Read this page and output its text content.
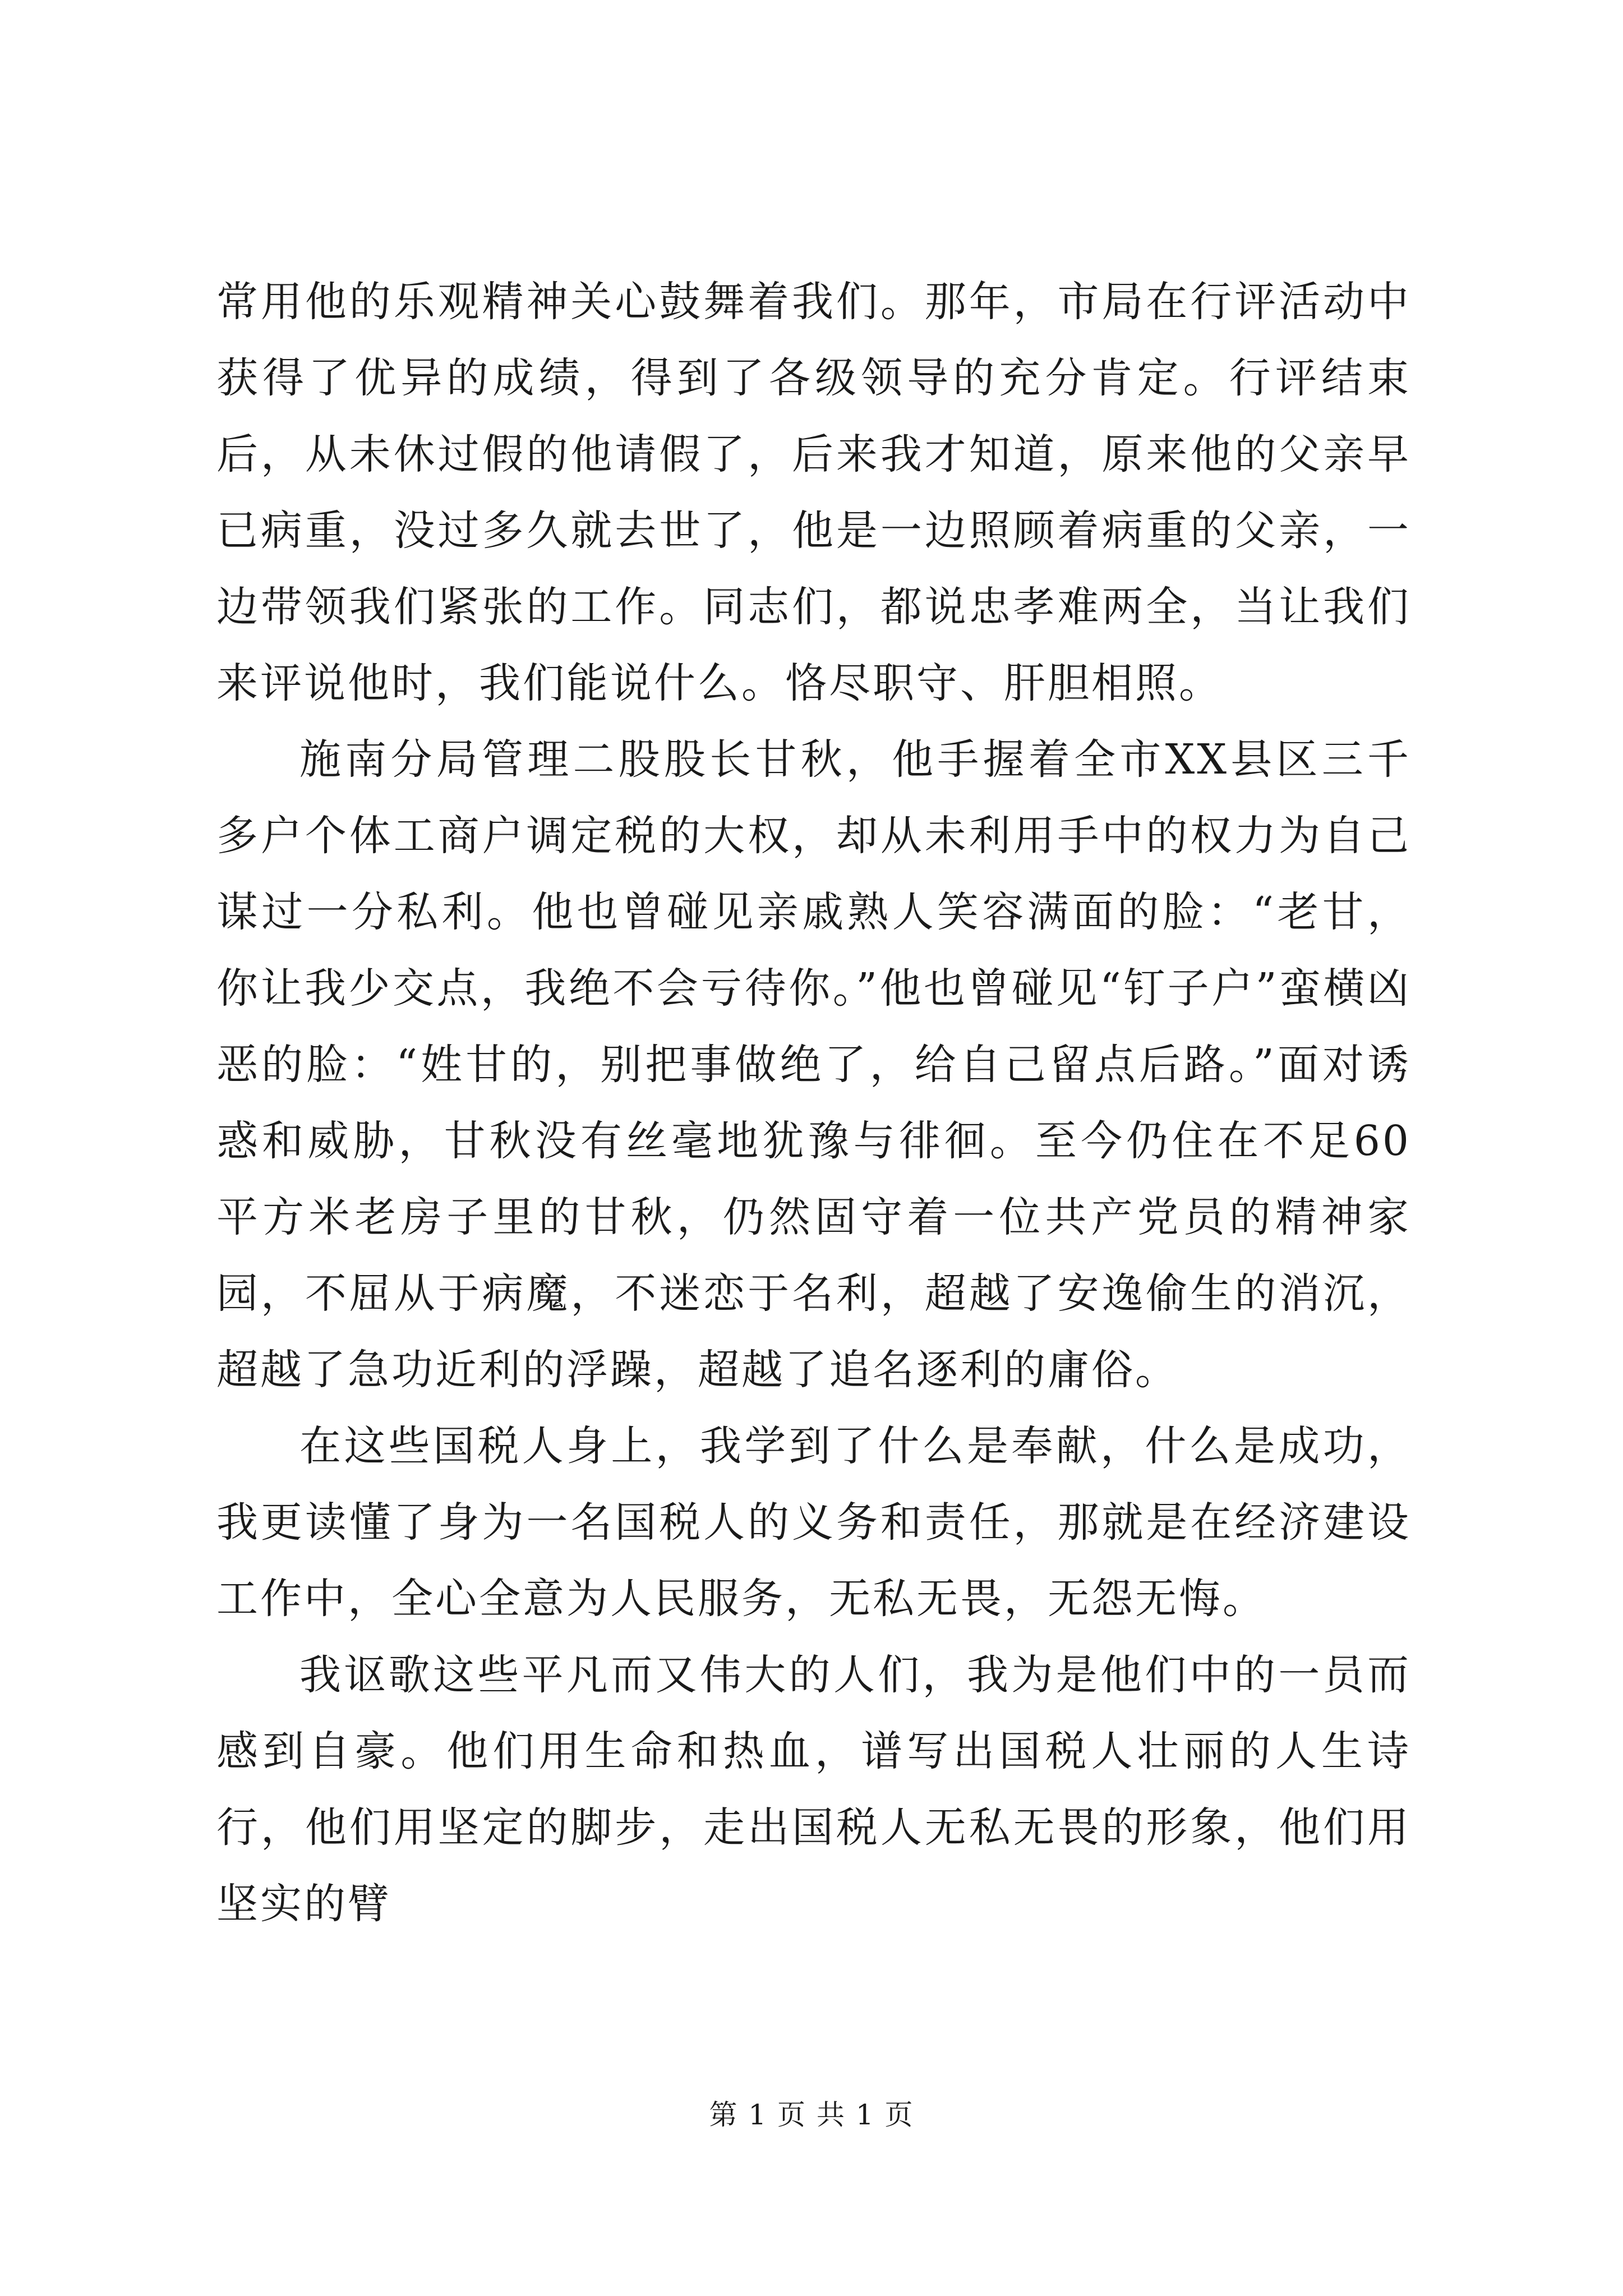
常用他的乐观精神关心鼓舞着我们。那年，市局在行评活动中获得了优异的成绩，得到了各级领导的充分肯定。行评结束后，从未休过假的他请假了，后来我才知道，原来他的父亲早已病重，没过多久就去世了，他是一边照顾着病重的父亲，一边带领我们紧张的工作。同志们，都说忠孝难两全，当让我们来评说他时，我们能说什么。恪尽职守、肝胆相照。

施南分局管理二股股长甘秋，他手握着全市XX县区三千多户个体工商户调定税的大权，却从未利用手中的权力为自己谋过一分私利。他也曾碰见亲戚熟人笑容满面的脸：“老甘，你让我少交点，我绝不会亏待你。”他也曾碰见“钉子户”蛮横凶恶的脸：“姓甘的，别把事做绝了，给自己留点后路。”面对诱惑和威胁，甘秋没有丝毫地犹豫与徘徊。至今仍住在不足60平方米老房子里的甘秋，仍然固守着一位共产党员的精神家园，不屈从于病魔，不迷恋于名利，超越了安逸偷生的消沉，超越了急功近利的浮躁，超越了追名逐利的庸俗。

在这些国税人身上，我学到了什么是奉献，什么是成功，我更读懂了身为一名国税人的义务和责任，那就是在经济建设工作中，全心全意为人民服务，无私无畏，无怨无悔。

我讴歌这些平凡而又伟大的人们，我为是他们中的一员而感到自豪。他们用生命和热血，谱写出国税人壮丽的人生诗行，他们用坚定的脚步，走出国税人无私无畏的形象，他们用坚实的臂

第 1 页 共 1 页
